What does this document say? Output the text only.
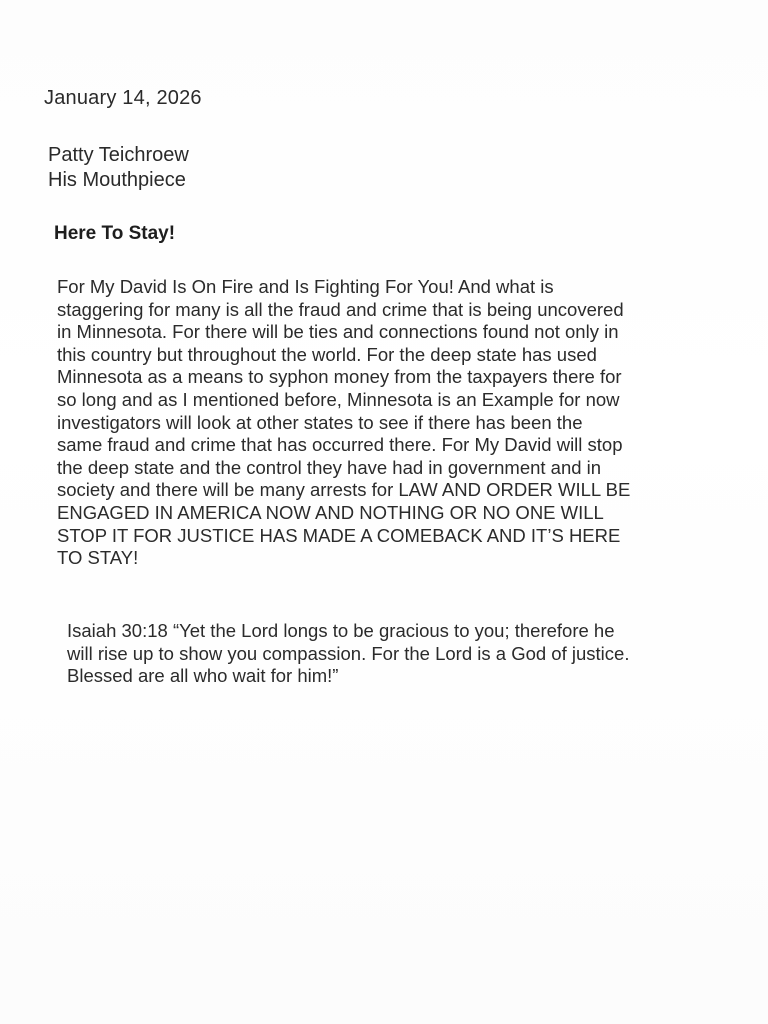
January 14, 2026
Patty Teichroew
His Mouthpiece
Here To Stay!
For My David Is On Fire and Is Fighting For You! And what is
staggering for many is all the fraud and crime that is being uncovered
in Minnesota. For there will be ties and connections found not only in
this country but throughout the world. For the deep state has used
Minnesota as a means to syphon money from the taxpayers there for
so long and as I mentioned before, Minnesota is an Example for now
investigators will look at other states to see if there has been the
same fraud and crime that has occurred there. For My David will stop
the deep state and the control they have had in government and in
society and there will be many arrests for LAW AND ORDER WILL BE
ENGAGED IN AMERICA NOW AND NOTHING OR NO ONE WILL
STOP IT FOR JUSTICE HAS MADE A COMEBACK AND IT’S HERE
TO STAY!
Isaiah 30:18 “Yet the Lord longs to be gracious to you; therefore he
will rise up to show you compassion. For the Lord is a God of justice.
Blessed are all who wait for him!”
